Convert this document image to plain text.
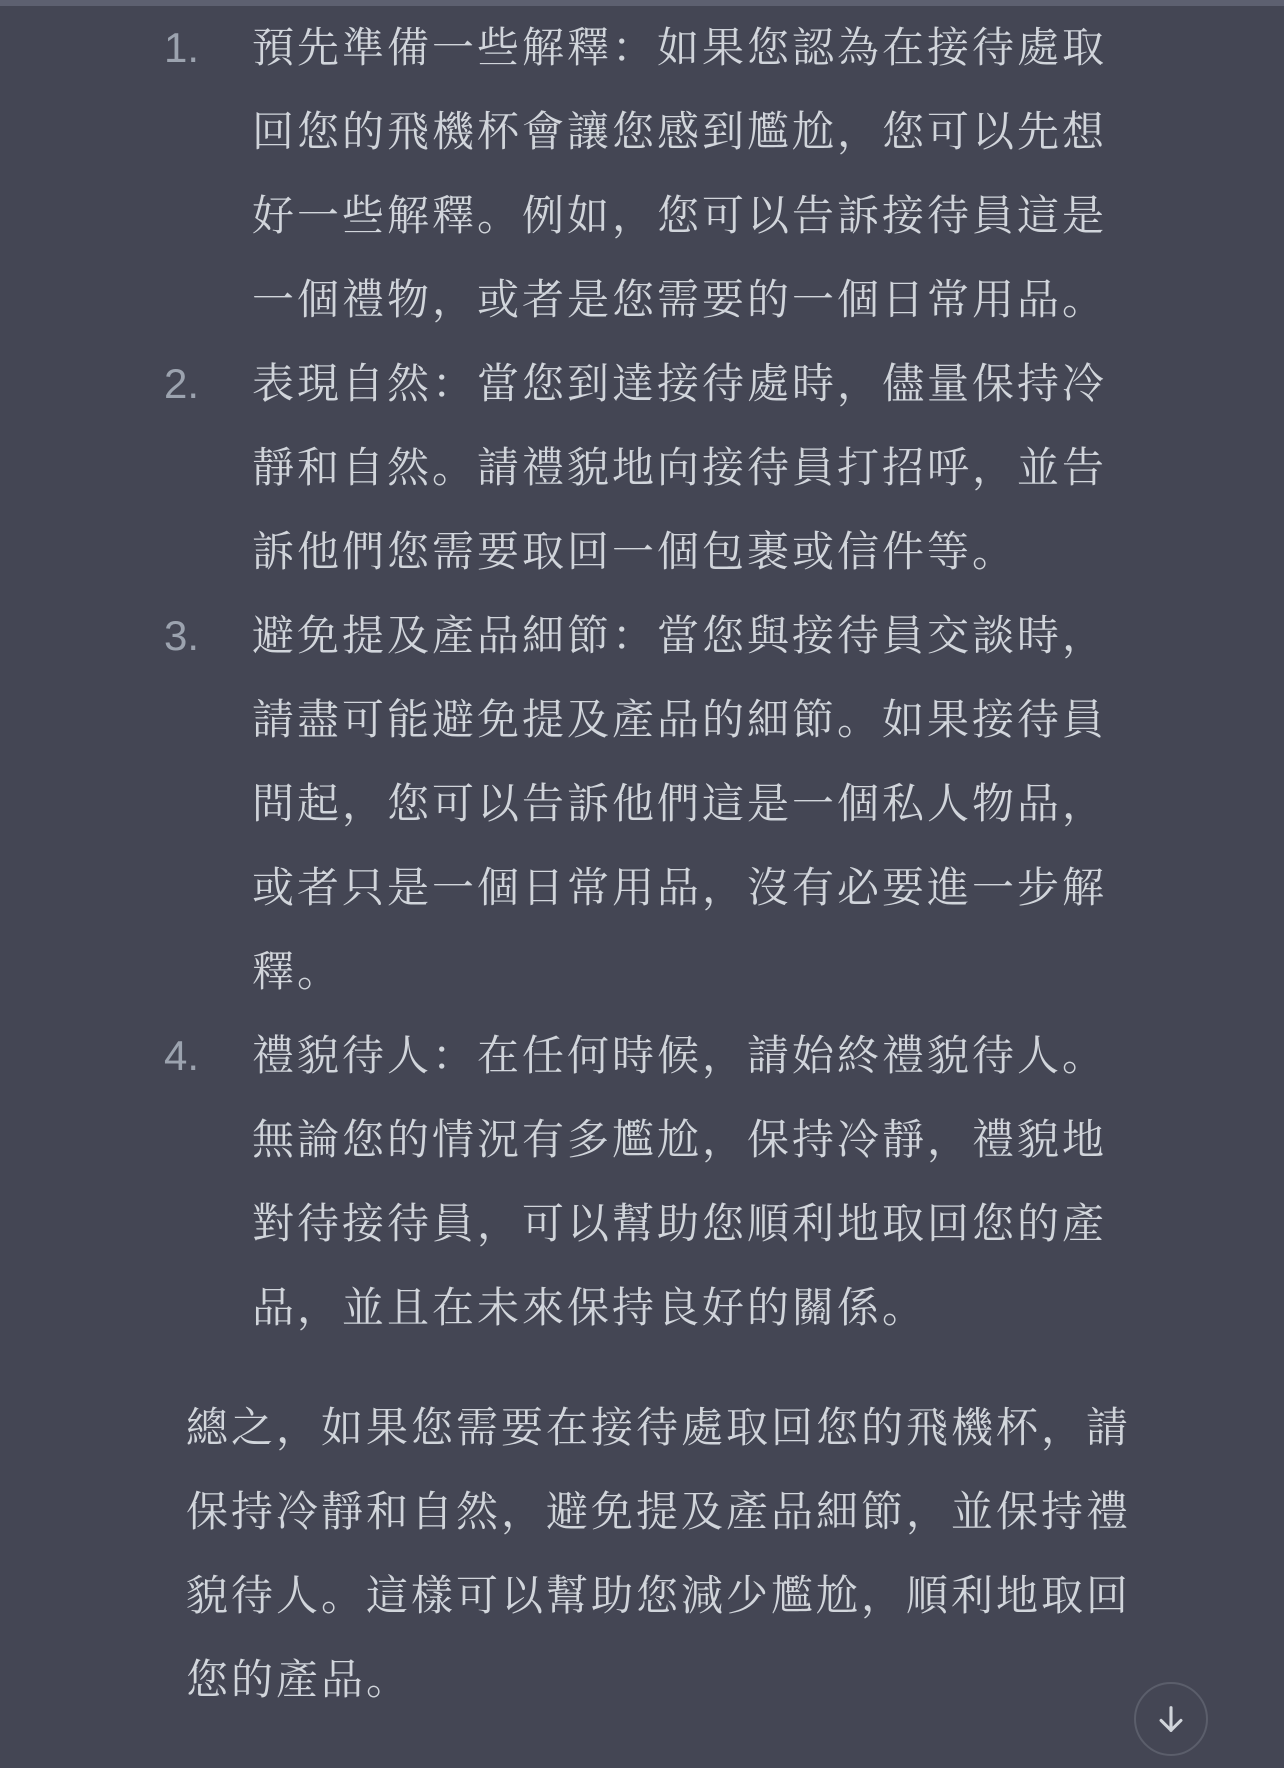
1.	預先準備一些解釋：如果您認為在接待處取
回您的飛機杯會讓您感到尷尬，您可以先想
好一些解釋。例如，您可以告訴接待員這是
一個禮物，或者是您需要的一個日常用品。
2.	表現自然：當您到達接待處時，儘量保持冷
靜和自然。請禮貌地向接待員打招呼，並告
訴他們您需要取回一個包裹或信件等。
3.	避免提及產品細節：當您與接待員交談時，
請盡可能避免提及產品的細節。如果接待員
問起，您可以告訴他們這是一個私人物品，
或者只是一個日常用品，沒有必要進一步解
釋。
4.	禮貌待人：在任何時候，請始終禮貌待人。
無論您的情況有多尷尬，保持冷靜，禮貌地
對待接待員，可以幫助您順利地取回您的產
品，並且在未來保持良好的關係。

總之，如果您需要在接待處取回您的飛機杯，請
保持冷靜和自然，避免提及產品細節，並保持禮
貌待人。這樣可以幫助您減少尷尬，順利地取回
您的產品。
